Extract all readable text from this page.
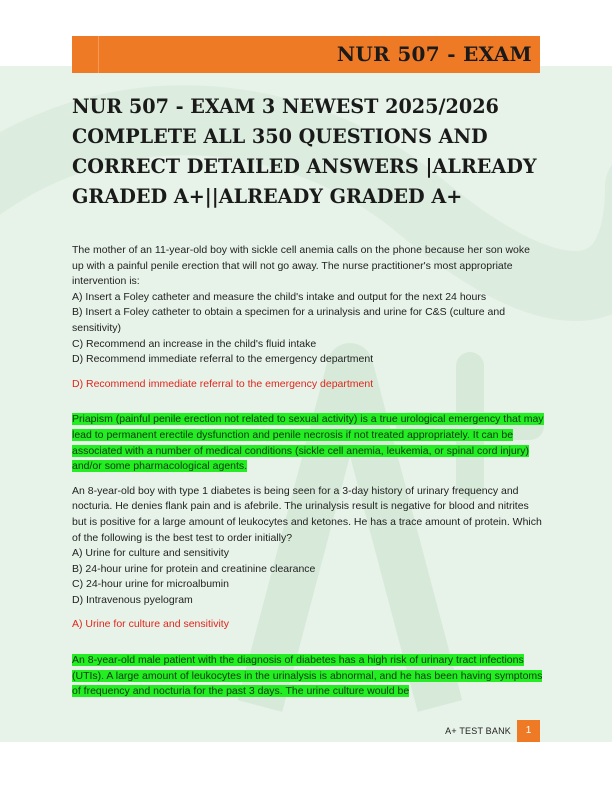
NUR 507 - EXAM
NUR 507 - EXAM 3 NEWEST 2025/2026 COMPLETE ALL 350 QUESTIONS AND CORRECT DETAILED ANSWERS |ALREADY GRADED A+||ALREADY GRADED A+

The mother of an 11-year-old boy with sickle cell anemia calls on the phone because her son woke up with a painful penile erection that will not go away. The nurse practitioner's most appropriate intervention is:

A) Insert a Foley catheter and measure the child's intake and output for the next 24 hours

B) Insert a Foley catheter to obtain a specimen for a urinalysis and urine for C&S (culture and sensitivity)

C) Recommend an increase in the child's fluid intake

D) Recommend immediate referral to the emergency department

D) Recommend immediate referral to the emergency department

Priapism (painful penile erection not related to sexual activity) is a true urological emergency that may lead to permanent erectile dysfunction and penile necrosis if not treated appropriately. It can be associated with a number of medical conditions (sickle cell anemia, leukemia, or spinal cord injury) and/or some pharmacological agents.

An 8-year-old boy with type 1 diabetes is being seen for a 3-day history of urinary frequency and nocturia. He denies flank pain and is afebrile. The urinalysis result is negative for blood and nitrites but is positive for a large amount of leukocytes and ketones. He has a trace amount of protein. Which of the following is the best test to order initially?

A) Urine for culture and sensitivity

B) 24-hour urine for protein and creatinine clearance

C) 24-hour urine for microalbumin

D) Intravenous pyelogram

A) Urine for culture and sensitivity

An 8-year-old male patient with the diagnosis of diabetes has a high risk of urinary tract infections (UTIs). A large amount of leukocytes in the urinalysis is abnormal, and he has been having symptoms of frequency and nocturia for the past 3 days. The urine culture would be

A+ TEST BANK	1
